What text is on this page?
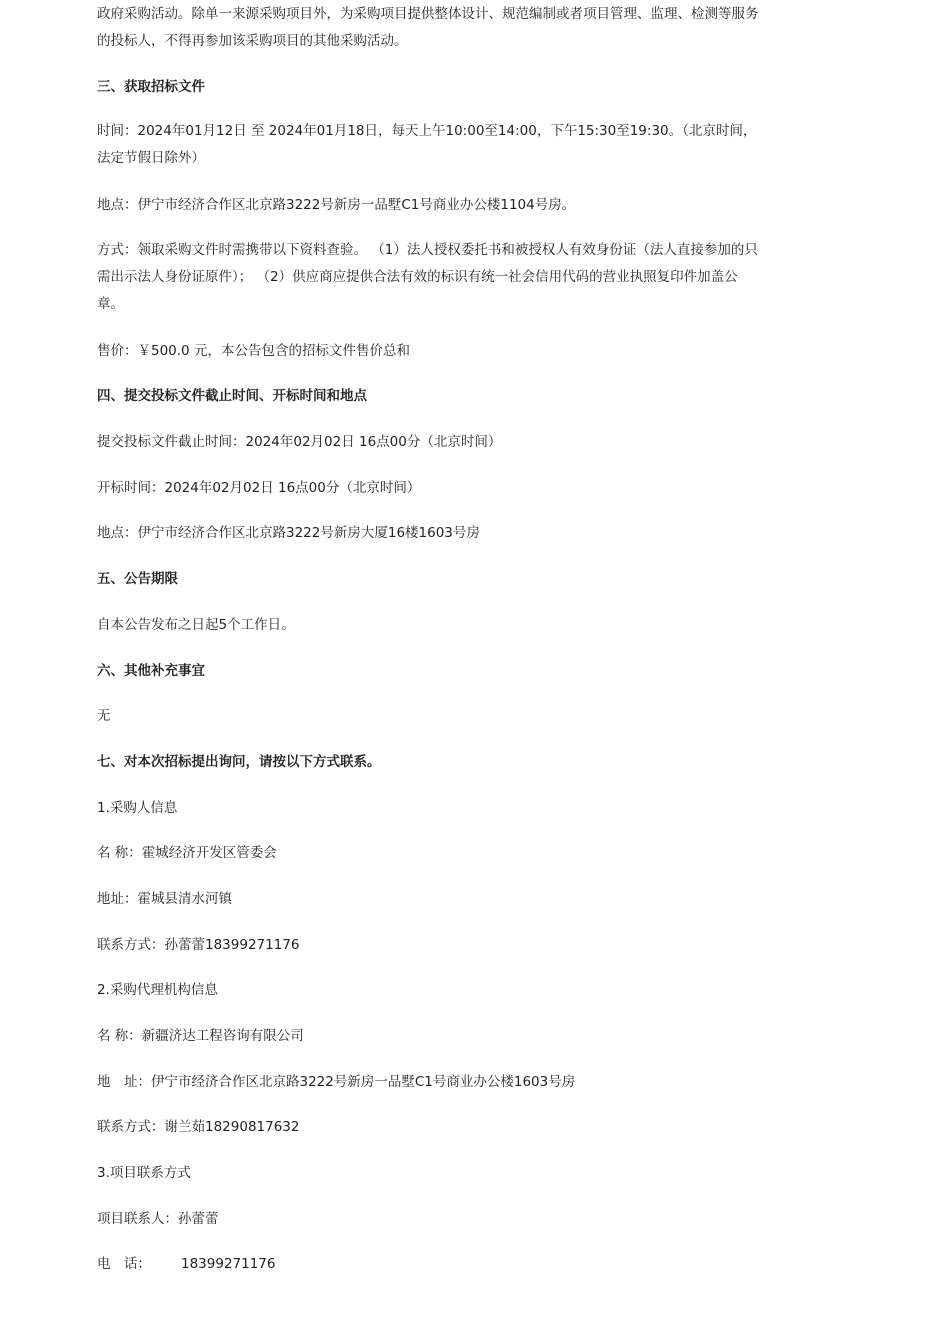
政府采购活动。除单一来源采购项目外，为采购项目提供整体设计、规范编制或者项目管理、监理、检测等服务的投标人，不得再参加该采购项目的其他采购活动。
三、获取招标文件
时间：2024年01月12日 至 2024年01月18日，每天上午10:00至14:00，下午15:30至19:30。（北京时间，法定节假日除外）
地点：伊宁市经济合作区北京路3222号新房一品墅C1号商业办公楼1104号房。
方式：领取采购文件时需携带以下资料查验。 （1）法人授权委托书和被授权人有效身份证（法人直接参加的只需出示法人身份证原件）； （2）供应商应提供合法有效的标识有统一社会信用代码的营业执照复印件加盖公章。
售价：￥500.0 元，本公告包含的招标文件售价总和
四、提交投标文件截止时间、开标时间和地点
提交投标文件截止时间：2024年02月02日 16点00分（北京时间）
开标时间：2024年02月02日 16点00分（北京时间）
地点：伊宁市经济合作区北京路3222号新房大厦16楼1603号房
五、公告期限
自本公告发布之日起5个工作日。
六、其他补充事宜
无
七、对本次招标提出询问，请按以下方式联系。
1.采购人信息
名 称：霍城经济开发区管委会
地址：霍城县清水河镇
联系方式：孙蕾蕾18399271176
2.采购代理机构信息
名 称：新疆济达工程咨询有限公司
地　址：伊宁市经济合作区北京路3222号新房一品墅C1号商业办公楼1603号房
联系方式：谢兰茹18290817632
3.项目联系方式
项目联系人：孙蕾蕾
电　话： 18399271176
